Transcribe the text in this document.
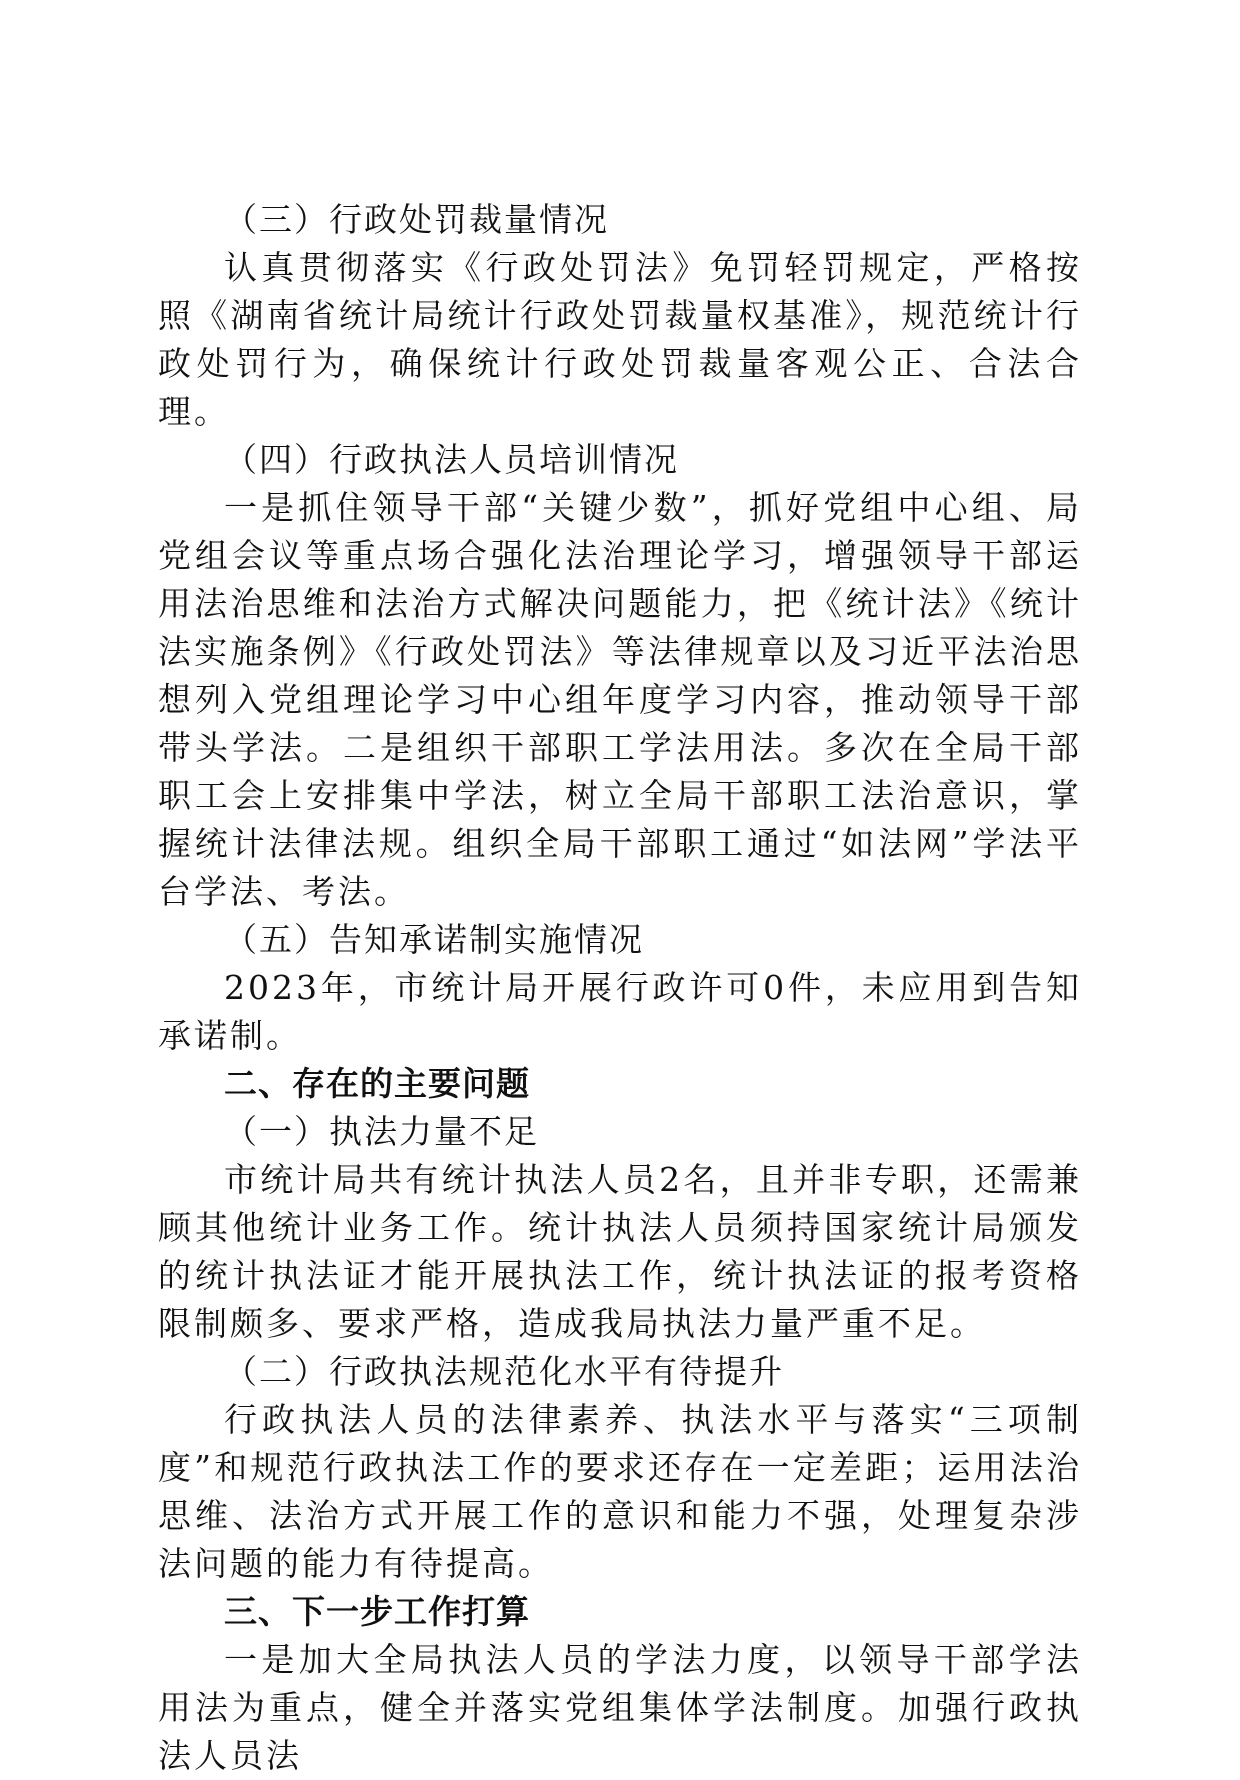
（三）行政处罚裁量情况

认真贯彻落实《行政处罚法》免罚轻罚规定，严格按照《湖南省统计局统计行政处罚裁量权基准》，规范统计行政处罚行为，确保统计行政处罚裁量客观公正、合法合理。

（四）行政执法人员培训情况

一是抓住领导干部“关键少数”，抓好党组中心组、局党组会议等重点场合强化法治理论学习，增强领导干部运用法治思维和法治方式解决问题能力，把《统计法》《统计法实施条例》《行政处罚法》等法律规章以及习近平法治思想列入党组理论学习中心组年度学习内容，推动领导干部带头学法。二是组织干部职工学法用法。多次在全局干部职工会上安排集中学法，树立全局干部职工法治意识，掌握统计法律法规。组织全局干部职工通过“如法网”学法平台学法、考法。

（五）告知承诺制实施情况

2023年，市统计局开展行政许可0件，未应用到告知承诺制。

二、存在的主要问题

（一）执法力量不足

市统计局共有统计执法人员2名，且并非专职，还需兼顾其他统计业务工作。统计执法人员须持国家统计局颁发的统计执法证才能开展执法工作，统计执法证的报考资格限制颇多、要求严格，造成我局执法力量严重不足。

（二）行政执法规范化水平有待提升

行政执法人员的法律素养、执法水平与落实“三项制度”和规范行政执法工作的要求还存在一定差距；运用法治思维、法治方式开展工作的意识和能力不强，处理复杂涉法问题的能力有待提高。

三、下一步工作打算

一是加大全局执法人员的学法力度，以领导干部学法用法为重点，健全并落实党组集体学法制度。加强行政执法人员法
